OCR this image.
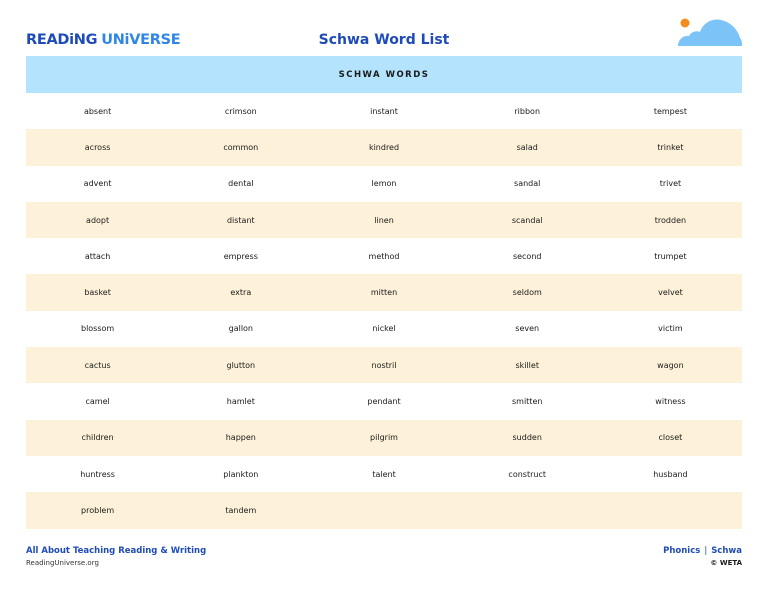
READiNG UNiVERSE	Schwa Word List
SCHWA WORDS
absent	crimson	instant	ribbon	tempest
across	common	kindred	salad	trinket
advent	dental	lemon	sandal	trivet
adopt	distant	linen	scandal	trodden
attach	empress	method	second	trumpet
basket	extra	mitten	seldom	velvet
blossom	gallon	nickel	seven	victim
cactus	glutton	nostril	skillet	wagon
camel	hamlet	pendant	smitten	witness
children	happen	pilgrim	sudden	closet
huntress	plankton	talent	construct	husband
problem	tandem
All About Teaching Reading & Writing
ReadingUniverse.org
Phonics | Schwa
© WETA
